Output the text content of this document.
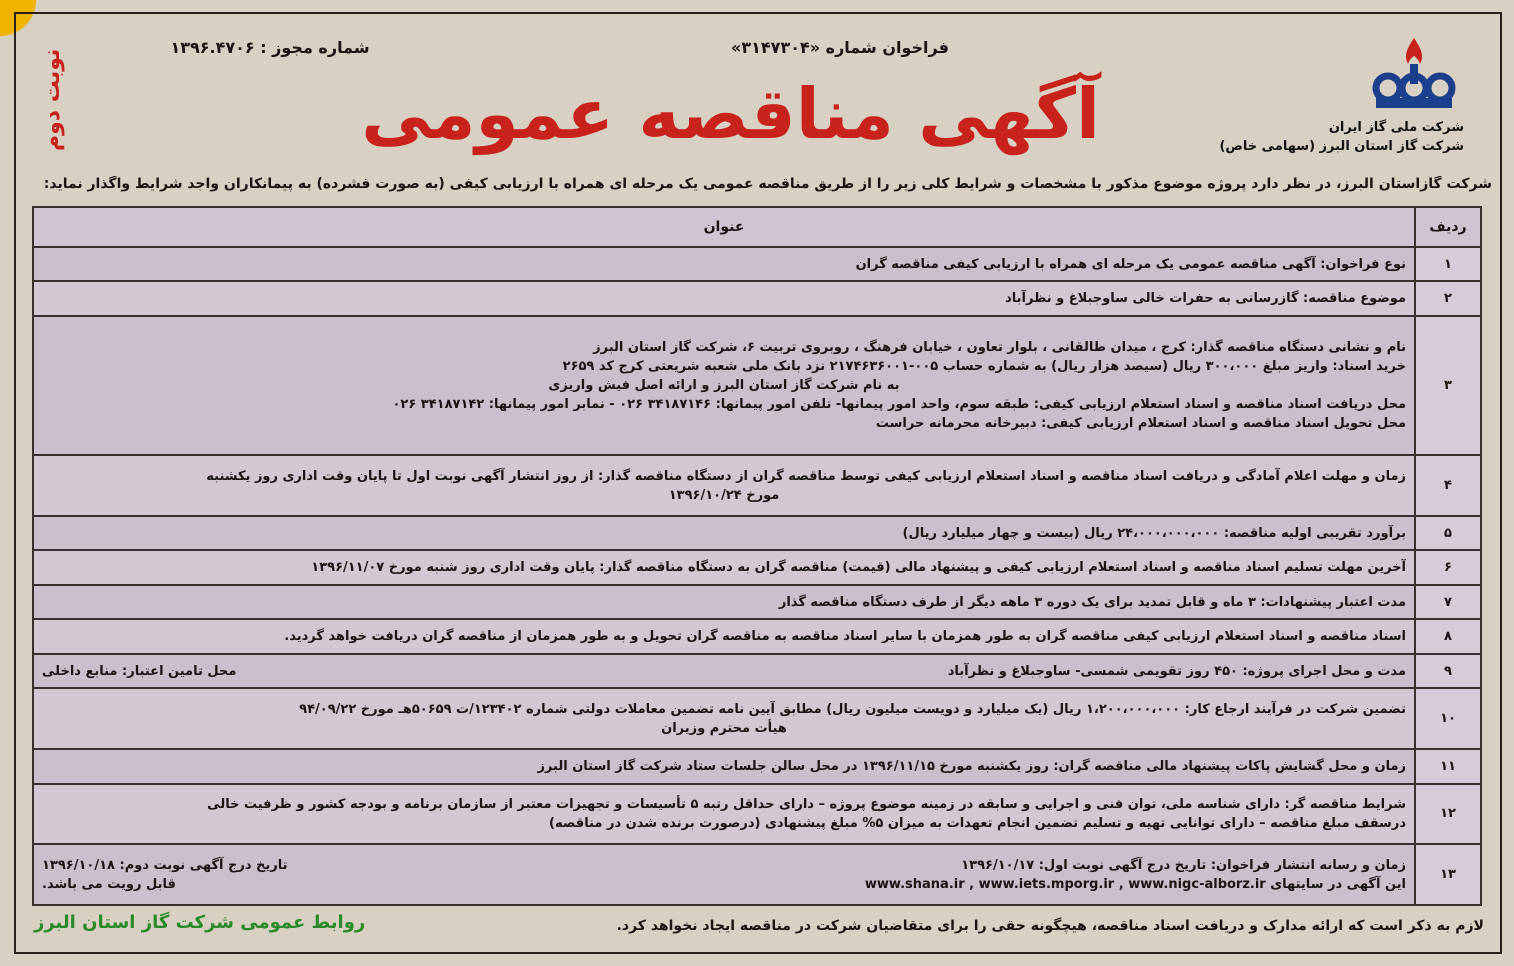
شرکت ملی گاز ایران
شرکت گاز استان البرز (سهامی خاص)
فراخوان شماره «۳۱۴۷۳۰۴»
شماره مجوز : ۱۳۹۶.۴۷۰۶
آگهی مناقصه عمومی
نوبت دوم
شرکت گازاستان البرز، در نظر دارد پروژه موضوع مذکور با مشخصات و شرایط کلی زیر را از طریق مناقصه عمومی یک مرحله ای همراه با ارزیابی کیفی (به صورت فشرده) به پیمانکاران واجد شرایط واگذار نماید:
ردیف	عنوان
۱	نوع فراخوان: آگهی مناقصه عمومی یک مرحله ای همراه با ارزیابی کیفی مناقصه گران

۲	موضوع مناقصه: گازرسانی به حفرات خالی ساوجبلاغ و نظرآباد

۳	نام و نشانی دستگاه مناقصه گذار: کرج ، میدان طالقانی ، بلوار تعاون ، خیابان فرهنگ ، روبروی تربیت ۶، شرکت گاز استان البرز
خرید اسناد: واریز مبلغ ۳۰۰،۰۰۰ ریال (سیصد هزار ریال) به شماره حساب ۰۰۵-۲۱۷۴۶۳۶۰۰۱ نزد بانک ملی شعبه شریعتی کرج کد ۲۶۵۹
به نام شرکت گاز استان البرز و ارائه اصل فیش واریزی
محل دریافت اسناد مناقصه و اسناد استعلام ارزیابی کیفی: طبقه سوم، واحد امور پیمانها- تلفن امور پیمانها: ۳۴۱۸۷۱۴۶ ۰۲۶ - نمابر امور پیمانها: ۳۴۱۸۷۱۴۲ ۰۲۶
محل تحویل اسناد مناقصه و اسناد استعلام ارزیابی کیفی: دبیرخانه محرمانه حراست

۴	زمان و مهلت اعلام آمادگی و دریافت اسناد مناقصه و اسناد استعلام ارزیابی کیفی توسط مناقصه گران از دستگاه مناقصه گذار: از روز انتشار آگهی نوبت اول تا پایان وقت اداری روز یکشنبه
مورخ ۱۳۹۶/۱۰/۲۴

۵	برآورد تقریبی اولیه مناقصه: ۲۴،۰۰۰،۰۰۰،۰۰۰ ریال (بیست و چهار میلیارد ریال)

۶	آخرین مهلت تسلیم اسناد مناقصه و اسناد استعلام ارزیابی کیفی و پیشنهاد مالی (قیمت) مناقصه گران به دستگاه مناقصه گذار: پایان وقت اداری روز شنبه مورخ ۱۳۹۶/۱۱/۰۷

۷	مدت اعتبار پیشنهادات: ۳ ماه و قابل تمدید برای یک دوره ۳ ماهه دیگر از طرف دستگاه مناقصه گذار

۸	اسناد مناقصه و اسناد استعلام ارزیابی کیفی مناقصه گران به طور همزمان با سایر اسناد مناقصه به مناقصه گران تحویل و به طور همزمان از مناقصه گران دریافت خواهد گردید.

۹	مدت و محل اجرای پروژه: ۴۵۰ روز تقویمی شمسی- ساوجبلاغ و نظرآباد
محل تامین اعتبار: منابع داخلی

۱۰	تضمین شرکت در فرآیند ارجاع کار: ۱،۲۰۰،۰۰۰،۰۰۰ ریال (یک میلیارد و دویست میلیون ریال) مطابق آیین نامه تضمین معاملات دولتی شماره ۱۲۳۴۰۲/ت ۵۰۶۵۹هـ مورخ ۹۴/۰۹/۲۲
هیأت محترم وزیران

۱۱	زمان و محل گشایش پاکات پیشنهاد مالی مناقصه گران: روز یکشنبه مورخ ۱۳۹۶/۱۱/۱۵ در محل سالن جلسات ستاد شرکت گاز استان البرز

۱۲	شرایط مناقصه گر: دارای شناسه ملی، توان فنی و اجرایی و سابقه در زمینه موضوع پروژه – دارای حداقل رتبه ۵ تأسیسات و تجهیزات معتبر از سازمان برنامه و بودجه کشور و ظرفیت خالی
درسقف مبلغ مناقصه – دارای توانایی تهیه و تسلیم تضمین انجام تعهدات به میزان ۵% مبلغ پیشنهادی (درصورت برنده شدن در مناقصه)

۱۳	زمان و رسانه انتشار فراخوان: تاریخ درج آگهی نوبت اول: ۱۳۹۶/۱۰/۱۷
تاریخ درج آگهی نوبت دوم: ۱۳۹۶/۱۰/۱۸
این آگهی در سایتهای www.shana.ir , www.iets.mporg.ir , www.nigc-alborz.ir
قابل رویت می باشد.
لازم به ذکر است که ارائه مدارک و دریافت اسناد مناقصه، هیچگونه حقی را برای متقاضیان شرکت در مناقصه ایجاد نخواهد کرد.
روابط عمومی شرکت گاز استان البرز
